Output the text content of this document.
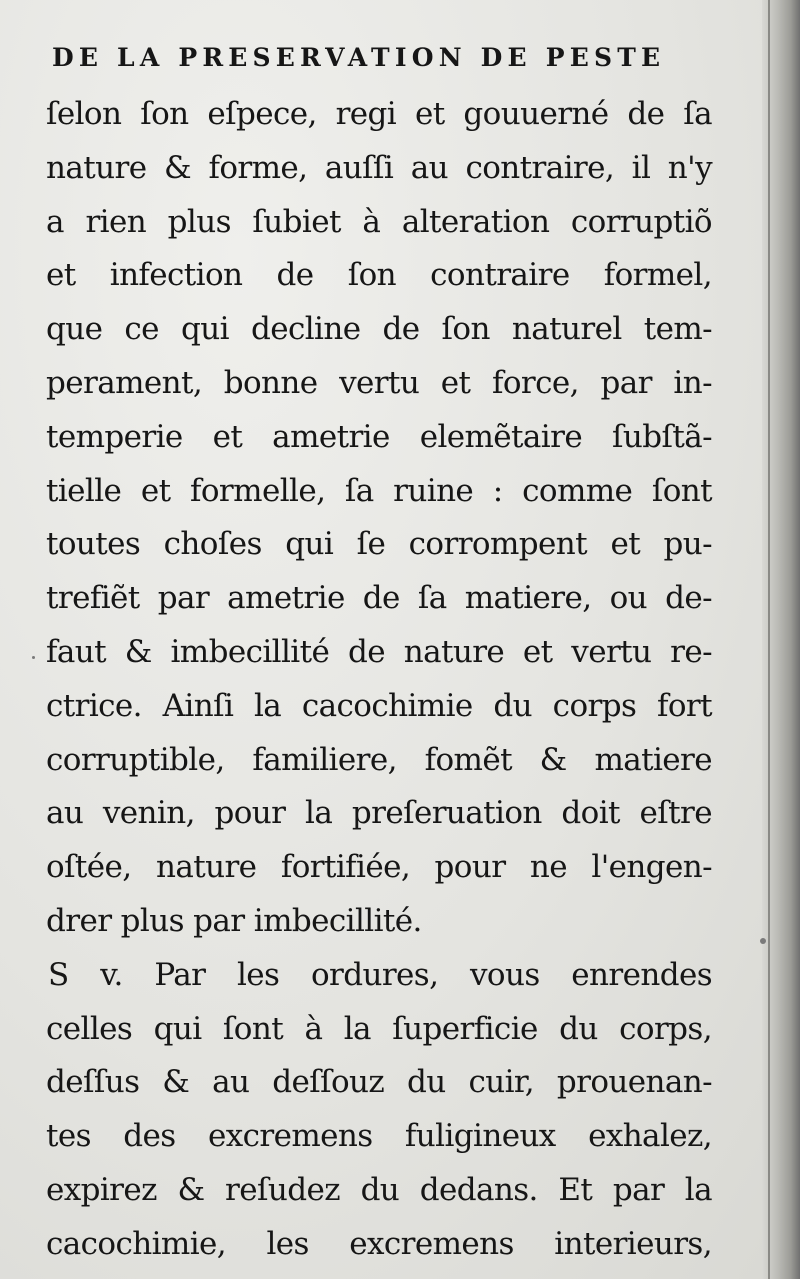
DE LA PRESERVATION DE PESTE
ſelon ſon eſpece, regi et gouuerné de ſa
nature & forme, auſſi au contraire, il n'y
a rien plus ſubiet à alteration corruptiõ
et infection de ſon contraire formel,
que ce qui decline de ſon naturel tem-
perament, bonne vertu et force, par in-
temperie et ametrie elemẽtaire ſubſtã-
tielle et formelle, ſa ruine : comme ſont
toutes choſes qui ſe corrompent et pu-
trefiẽt par ametrie de ſa matiere, ou de-
faut & imbecillité de nature et vertu re-
ctrice. Ainſi la cacochimie du corps fort
corruptible, familiere, fomẽt & matiere
au venin, pour la preſeruation doit eſtre
oſtée, nature fortifiée, pour ne l'engen-
drer plus par imbecillité.
S v. Par les ordures, vous enrendes
celles qui ſont à la ſuperficie du corps,
deſſus & au deſſouz du cuir, prouenan-
tes des excremens fuligineux exhalez,
expirez & reſudez du dedans. Et par la
cacochimie, les excremens interieurs,
